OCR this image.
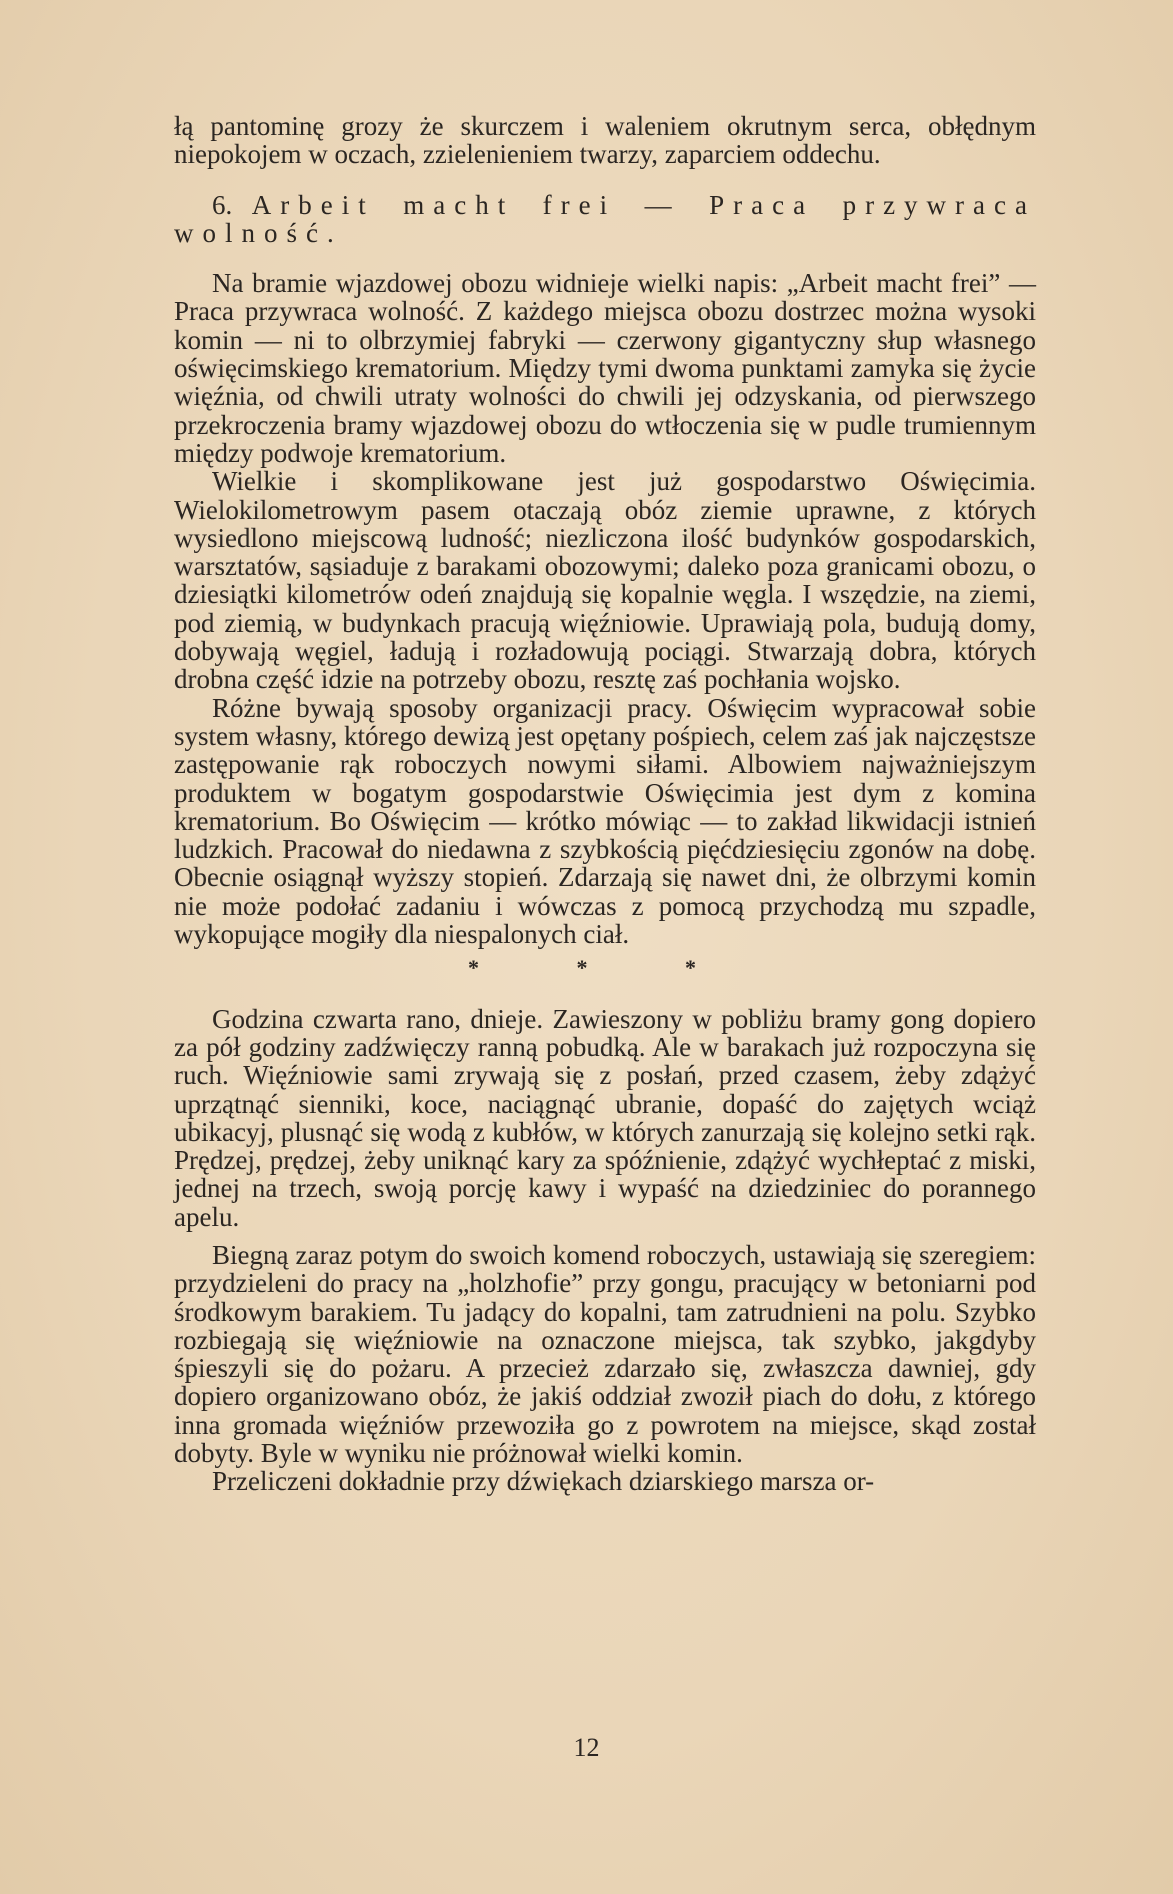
łą pantominę grozy że skurczem i waleniem okrutnym serca, obłędnym niepokojem w oczach, zzielenieniem twarzy, zaparciem oddechu.

6. Arbeit macht frei — Praca przywraca wolność.

Na bramie wjazdowej obozu widnieje wielki napis: „Arbeit macht frei” — Praca przywraca wolność. Z każdego miejsca obozu dostrzec można wysoki komin — ni to olbrzymiej fabryki — czerwony gigantyczny słup własnego oświęcimskiego krematorium. Między tymi dwoma punktami zamyka się życie więźnia, od chwili utraty wolności do chwili jej odzyskania, od pierwszego przekroczenia bramy wjazdowej obozu do wtłoczenia się w pudle trumiennym między podwoje krematorium.

Wielkie i skomplikowane jest już gospodarstwo Oświęcimia. Wielokilometrowym pasem otaczają obóz ziemie uprawne, z których wysiedlono miejscową ludność; niezliczona ilość budynków gospodarskich, warsztatów, sąsiaduje z barakami obozowymi; daleko poza granicami obozu, o dziesiątki kilometrów odeń znajdują się kopalnie węgla. I wszędzie, na ziemi, pod ziemią, w budynkach pracują więźniowie. Uprawiają pola, budują domy, dobywają węgiel, ładują i rozładowują pociągi. Stwarzają dobra, których drobna część idzie na potrzeby obozu, resztę zaś pochłania wojsko.

Różne bywają sposoby organizacji pracy. Oświęcim wypracował sobie system własny, którego dewizą jest opętany pośpiech, celem zaś jak najczęstsze zastępowanie rąk roboczych nowymi siłami. Albowiem najważniejszym produktem w bogatym gospodarstwie Oświęcimia jest dym z komina krematorium. Bo Oświęcim — krótko mówiąc — to zakład likwidacji istnień ludzkich. Pracował do niedawna z szybkością pięćdziesięciu zgonów na dobę. Obecnie osiągnął wyższy stopień. Zdarzają się nawet dni, że olbrzymi komin nie może podołać zadaniu i wówczas z pomocą przychodzą mu szpadle, wykopujące mogiły dla niespalonych ciał.

* * *

Godzina czwarta rano, dnieje. Zawieszony w pobliżu bramy gong dopiero za pół godziny zadźwięczy ranną pobudką. Ale w barakach już rozpoczyna się ruch. Więźniowie sami zrywają się z posłań, przed czasem, żeby zdążyć uprzątnąć sienniki, koce, naciągnąć ubranie, dopaść do zajętych wciąż ubikacyj, plusnąć się wodą z kubłów, w których zanurzają się kolejno setki rąk. Prędzej, prędzej, żeby uniknąć kary za spóźnienie, zdążyć wychłeptać z miski, jednej na trzech, swoją porcję kawy i wypaść na dziedziniec do porannego apelu.

Biegną zaraz potym do swoich komend roboczych, ustawiają się szeregiem: przydzieleni do pracy na „holzhofie” przy gongu, pracujący w betoniarni pod środkowym barakiem. Tu jadący do kopalni, tam zatrudnieni na polu. Szybko rozbiegają się więźniowie na oznaczone miejsca, tak szybko, jakgdyby śpieszyli się do pożaru. A przecież zdarzało się, zwłaszcza dawniej, gdy dopiero organizowano obóz, że jakiś oddział zwoził piach do dołu, z którego inna gromada więźniów przewoziła go z powrotem na miejsce, skąd został dobyty. Byle w wyniku nie próżnował wielki komin.

Przeliczeni dokładnie przy dźwiękach dziarskiego marsza or-

12
